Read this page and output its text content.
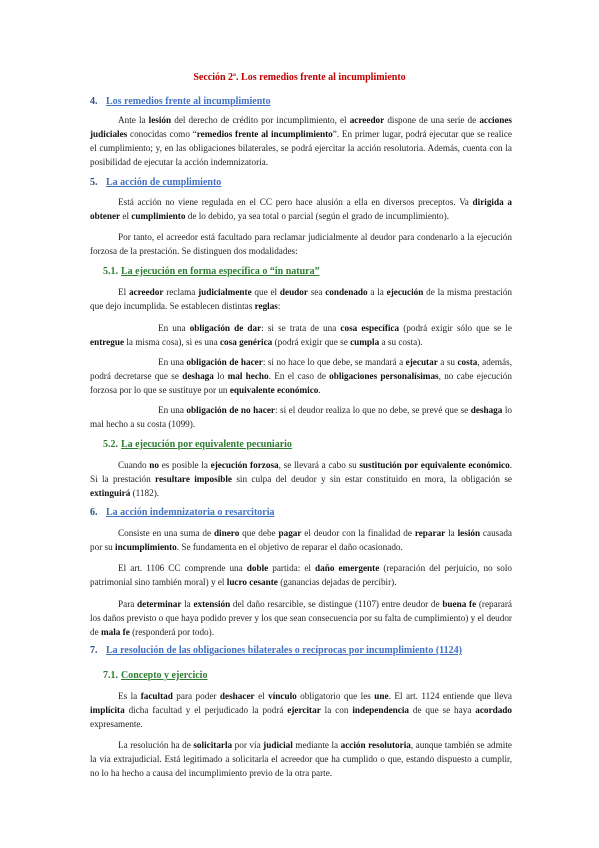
Sección 2ª. Los remedios frente al incumplimiento
4. Los remedios frente al incumplimiento
Ante la lesión del derecho de crédito por incumplimiento, el acreedor dispone de una serie de acciones judiciales conocidas como “remedios frente al incumplimiento”. En primer lugar, podrá ejecutar que se realice el cumplimiento; y, en las obligaciones bilaterales, se podrá ejercitar la acción resolutoria. Además, cuenta con la posibilidad de ejecutar la acción indemnizatoria.
5. La acción de cumplimiento
Está acción no viene regulada en el CC pero hace alusión a ella en diversos preceptos. Va dirigida a obtener el cumplimiento de lo debido, ya sea total o parcial (según el grado de incumplimiento).
Por tanto, el acreedor está facultado para reclamar judicialmente al deudor para condenarlo a la ejecución forzosa de la prestación. Se distinguen dos modalidades:
5.1. La ejecución en forma específica o “in natura”
El acreedor reclama judicialmente que el deudor sea condenado a la ejecución de la misma prestación que dejo incumplida. Se establecen distintas reglas:
En una obligación de dar: si se trata de una cosa específica (podrá exigir sólo que se le entregue la misma cosa), si es una cosa genérica (podrá exigir que se cumpla a su costa).
En una obligación de hacer: si no hace lo que debe, se mandará a ejecutar a su costa, además, podrá decretarse que se deshaga lo mal hecho. En el caso de obligaciones personalísimas, no cabe ejecución forzosa por lo que se sustituye por un equivalente económico.
En una obligación de no hacer: si el deudor realiza lo que no debe, se prevé que se deshaga lo mal hecho a su costa (1099).
5.2. La ejecución por equivalente pecuniario
Cuando no es posible la ejecución forzosa, se llevará a cabo su sustitución por equivalente económico. Si la prestación resultare imposible sin culpa del deudor y sin estar constituido en mora, la obligación se extinguirá (1182).
6. La acción indemnizatoria o resarcitoria
Consiste en una suma de dinero que debe pagar el deudor con la finalidad de reparar la lesión causada por su incumplimiento. Se fundamenta en el objetivo de reparar el daño ocasionado.
El art. 1106 CC comprende una doble partida: el daño emergente (reparación del perjuicio, no solo patrimonial sino también moral) y el lucro cesante (ganancias dejadas de percibir).
Para determinar la extensión del daño resarcible, se distingue (1107) entre deudor de buena fe (reparará los daños previsto o que haya podido prever y los que sean consecuencia por su falta de cumplimiento) y el deudor de mala fe (responderá por todo).
7. La resolución de las obligaciones bilaterales o recíprocas por incumplimiento (1124)
7.1. Concepto y ejercicio
Es la facultad para poder deshacer el vínculo obligatorio que les une. El art. 1124 entiende que lleva implícita dicha facultad y el perjudicado la podrá ejercitar la con independencia de que se haya acordado expresamente.
La resolución ha de solicitarla por vía judicial mediante la acción resolutoria, aunque también se admite la vía extrajudicial. Está legitimado a solicitarla el acreedor que ha cumplido o que, estando dispuesto a cumplir, no lo ha hecho a causa del incumplimiento previo de la otra parte.
